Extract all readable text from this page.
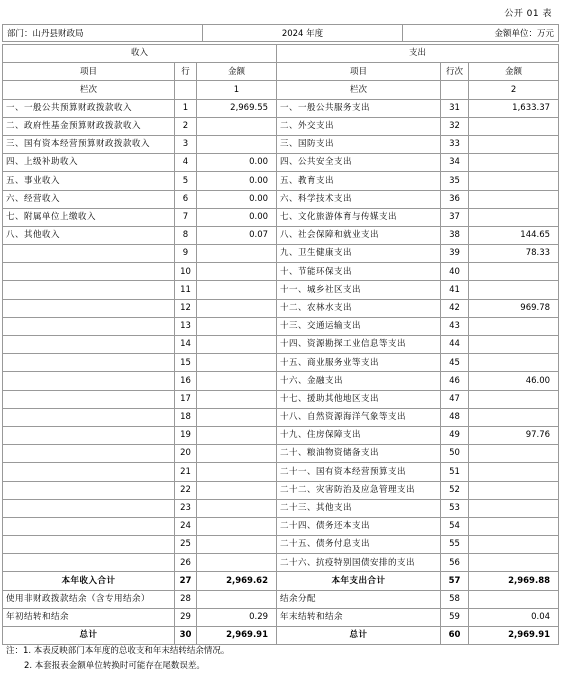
公开 01 表
部门：山丹县财政局	2024 年度	金额单位：万元
收入			支出		
项目	行	金额	项目	行次	金额
栏次		1	栏次		2
一、一般公共预算财政拨款收入	1	2,969.55	一、一般公共服务支出	31	1,633.37
二、政府性基金预算财政拨款收入	2		二、外交支出	32	
三、国有资本经营预算财政拨款收入	3		三、国防支出	33	
四、上级补助收入	4	0.00	四、公共安全支出	34	
五、事业收入	5	0.00	五、教育支出	35	
六、经营收入	6	0.00	六、科学技术支出	36	
七、附属单位上缴收入	7	0.00	七、文化旅游体育与传媒支出	37	
八、其他收入	8	0.07	八、社会保障和就业支出	38	144.65
	9		九、卫生健康支出	39	78.33
	10		十、节能环保支出	40	
	11		十一、城乡社区支出	41	
	12		十二、农林水支出	42	969.78
	13		十三、交通运输支出	43	
	14		十四、资源勘探工业信息等支出	44	
	15		十五、商业服务业等支出	45	
	16		十六、金融支出	46	46.00
	17		十七、援助其他地区支出	47	
	18		十八、自然资源海洋气象等支出	48	
	19		十九、住房保障支出	49	97.76
	20		二十、粮油物资储备支出	50	
	21		二十一、国有资本经营预算支出	51	
	22		二十二、灾害防治及应急管理支出	52	
	23		二十三、其他支出	53	
	24		二十四、债务还本支出	54	
	25		二十五、债务付息支出	55	
	26		二十六、抗疫特别国债安排的支出	56	
本年收入合计	27	2,969.62	本年支出合计	57	2,969.88
使用非财政拨款结余（含专用结余）	28		结余分配	58	
年初结转和结余	29	0.29	年末结转和结余	59	0.04
总计	30	2,969.91	总计	60	2,969.91
注：1. 本表反映部门本年度的总收支和年末结转结余情况。
2. 本套报表金额单位转换时可能存在尾数误差。
